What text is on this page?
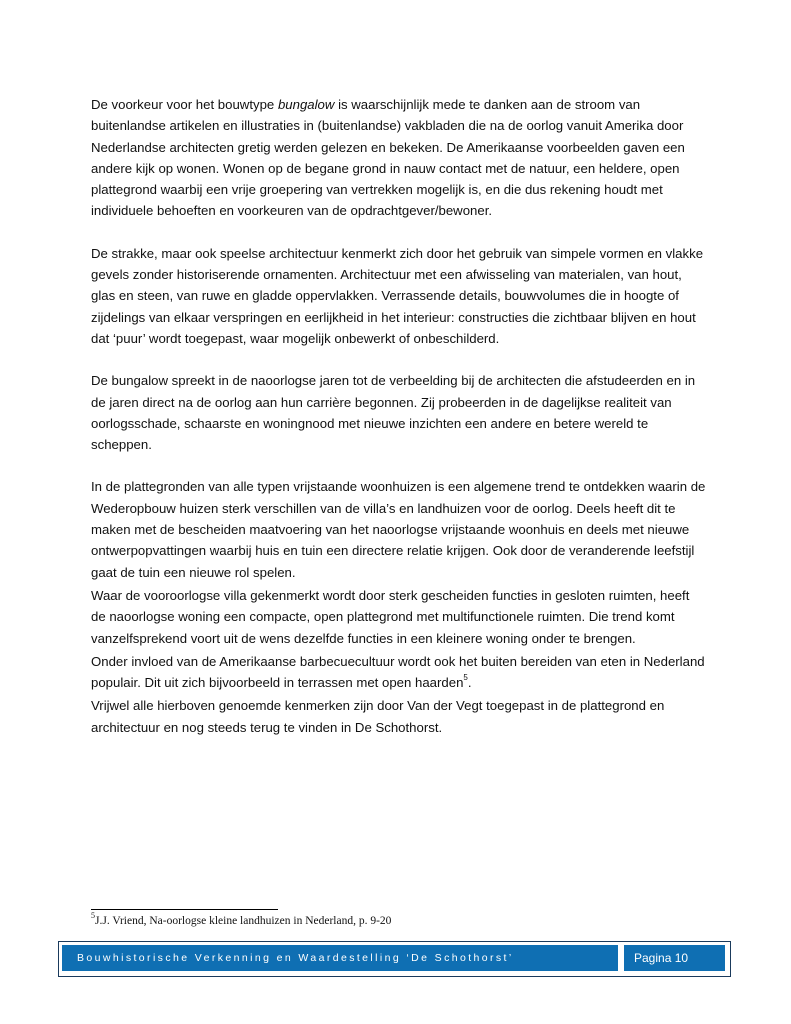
De voorkeur voor het bouwtype bungalow is waarschijnlijk mede te danken aan de stroom van buitenlandse artikelen en illustraties in (buitenlandse) vakbladen die na de oorlog vanuit Amerika door Nederlandse architecten gretig werden gelezen en bekeken. De Amerikaanse voorbeelden gaven een andere kijk op wonen. Wonen op de begane grond in nauw contact met de natuur, een heldere, open plattegrond waarbij een vrije groepering van vertrekken mogelijk is, en die dus rekening houdt met individuele behoeften en voorkeuren van de opdrachtgever/bewoner.

De strakke, maar ook speelse architectuur kenmerkt zich door het gebruik van simpele vormen en vlakke gevels zonder historiserende ornamenten. Architectuur met een afwisseling van materialen, van hout, glas en steen, van ruwe en gladde oppervlakken. Verrassende details, bouwvolumes die in hoogte of zijdelings van elkaar verspringen en eerlijkheid in het interieur: constructies die zichtbaar blijven en hout dat ‘puur’ wordt toegepast, waar mogelijk onbewerkt of onbeschilderd.

De bungalow spreekt in de naoorlogse jaren tot de verbeelding bij de architecten die afstudeerden en in de jaren direct na de oorlog aan hun carrière begonnen. Zij probeerden in de dagelijkse realiteit van oorlogsschade, schaarste en woningnood met nieuwe inzichten een andere en betere wereld te scheppen.

In de plattegronden van alle typen vrijstaande woonhuizen is een algemene trend te ontdekken waarin de Wederopbouw huizen sterk verschillen van de villa’s en landhuizen voor de oorlog. Deels heeft dit te maken met de bescheiden maatvoering van het naoorlogse vrijstaande woonhuis en deels met nieuwe ontwerpopvattingen waarbij huis en tuin een directere relatie krijgen. Ook door de veranderende leefstijl gaat de tuin een nieuwe rol spelen.

Waar de vooroorlogse villa gekenmerkt wordt door sterk gescheiden functies in gesloten ruimten, heeft de naoorlogse woning een compacte, open plattegrond met multifunctionele ruimten. Die trend komt vanzelfsprekend voort uit de wens dezelfde functies in een kleinere woning onder te brengen.

Onder invloed van de Amerikaanse barbecuecultuur wordt ook het buiten bereiden van eten in Nederland populair. Dit uit zich bijvoorbeeld in terrassen met open haarden$^5$.

Vrijwel alle hierboven genoemde kenmerken zijn door Van der Vegt toegepast in de plattegrond en architectuur en nog steeds terug te vinden in De Schothorst.

$^5$J.J. Vriend, Na-oorlogse kleine landhuizen in Nederland, p. 9-20
Bouwhistorische Verkenning en Waardestelling ‘De Schothorst’	Pagina 10
